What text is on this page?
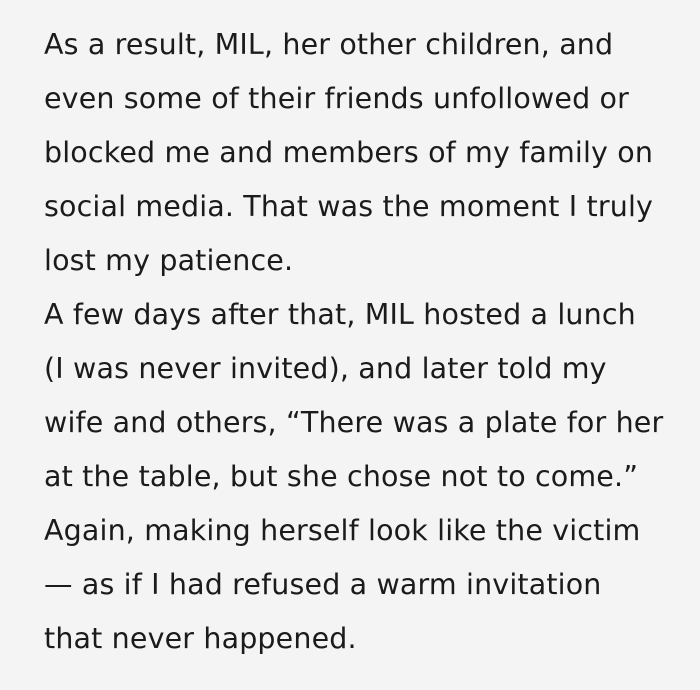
As a result, MIL, her other children, and
even some of their friends unfollowed or
blocked me and members of my family on
social media. That was the moment I truly
lost my patience.
A few days after that, MIL hosted a lunch
(I was never invited), and later told my
wife and others, “There was a plate for her
at the table, but she chose not to come.”
Again, making herself look like the victim
— as if I had refused a warm invitation
that never happened.
